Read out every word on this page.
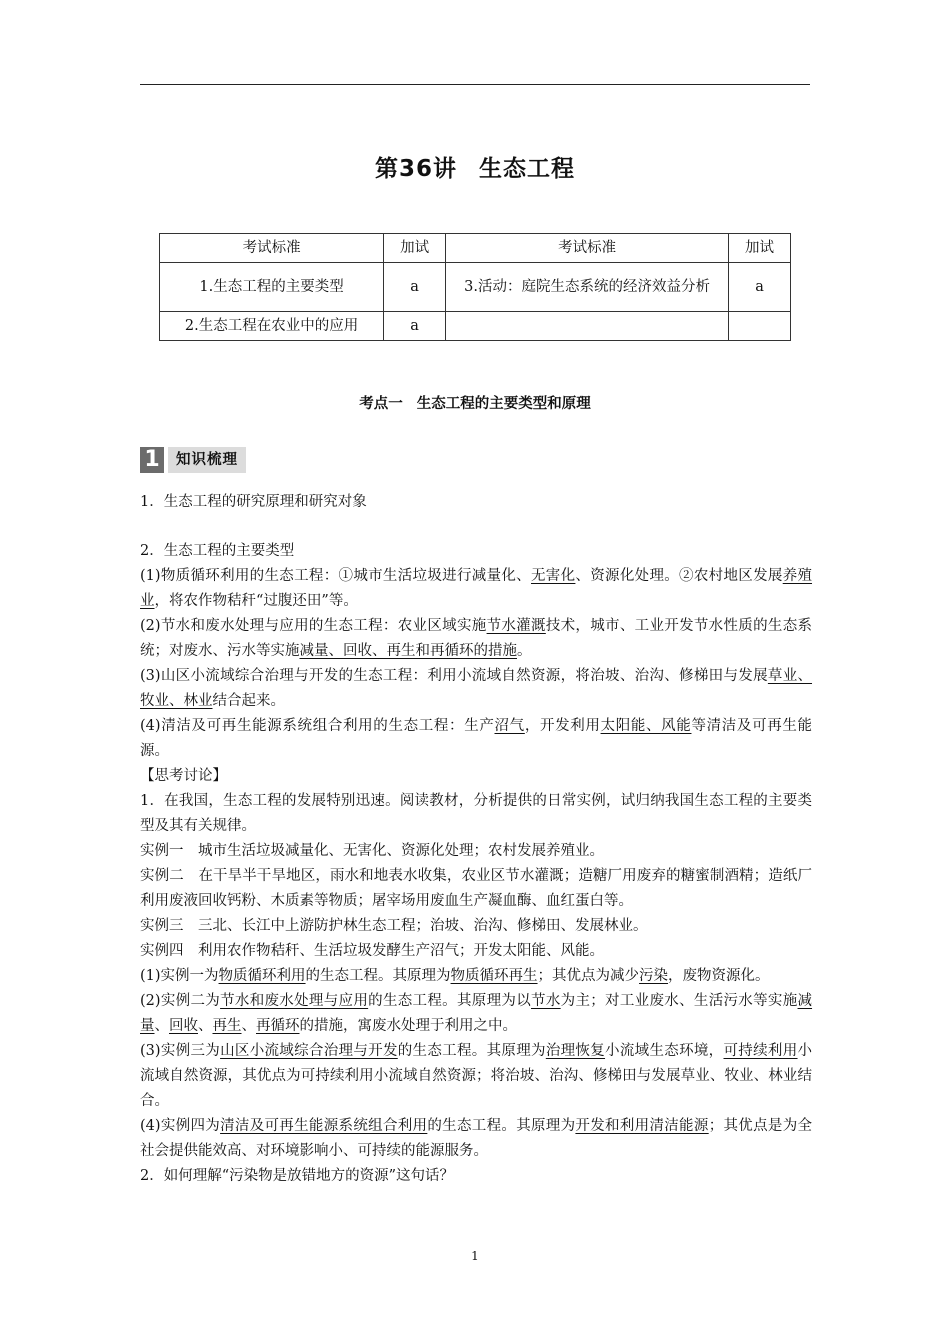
第36讲 生态工程
考试标准	加试	考试标准	加试
1.生态工程的主要类型	a	3.活动：庭院生态系统的经济效益分析	a
2.生态工程在农业中的应用	a		
考点一 生态工程的主要类型和原理
1	知识梳理

1．生态工程的研究原理和研究对象

2．生态工程的主要类型

(1)物质循环利用的生态工程：①城市生活垃圾进行减量化、无害化、资源化处理。②农村地区发展养殖业，将农作物秸秆“过腹还田”等。

(2)节水和废水处理与应用的生态工程：农业区域实施节水灌溉技术，城市、工业开发节水性质的生态系统；对废水、污水等实施减量、回收、再生和再循环的措施。

(3)山区小流域综合治理与开发的生态工程：利用小流域自然资源，将治坡、治沟、修梯田与发展草业、牧业、林业结合起来。

(4)清洁及可再生能源系统组合利用的生态工程：生产沼气，开发利用太阳能、风能等清洁及可再生能源。

【思考讨论】

1．在我国，生态工程的发展特别迅速。阅读教材，分析提供的日常实例，试归纳我国生态工程的主要类型及其有关规律。

实例一　城市生活垃圾减量化、无害化、资源化处理；农村发展养殖业。

实例二　在干旱半干旱地区，雨水和地表水收集，农业区节水灌溉；造糖厂用废弃的糖蜜制酒精；造纸厂利用废液回收钙粉、木质素等物质；屠宰场用废血生产凝血酶、血红蛋白等。

实例三　三北、长江中上游防护林生态工程；治坡、治沟、修梯田、发展林业。

实例四　利用农作物秸秆、生活垃圾发酵生产沼气；开发太阳能、风能。

(1)实例一为物质循环利用的生态工程。其原理为物质循环再生；其优点为减少污染，废物资源化。

(2)实例二为节水和废水处理与应用的生态工程。其原理为以节水为主；对工业废水、生活污水等实施减量、回收、再生、再循环的措施，寓废水处理于利用之中。

(3)实例三为山区小流域综合治理与开发的生态工程。其原理为治理恢复小流域生态环境，可持续利用小流域自然资源，其优点为可持续利用小流域自然资源；将治坡、治沟、修梯田与发展草业、牧业、林业结合。

(4)实例四为清洁及可再生能源系统组合利用的生态工程。其原理为开发和利用清洁能源；其优点是为全社会提供能效高、对环境影响小、可持续的能源服务。

2．如何理解“污染物是放错地方的资源”这句话？

1
